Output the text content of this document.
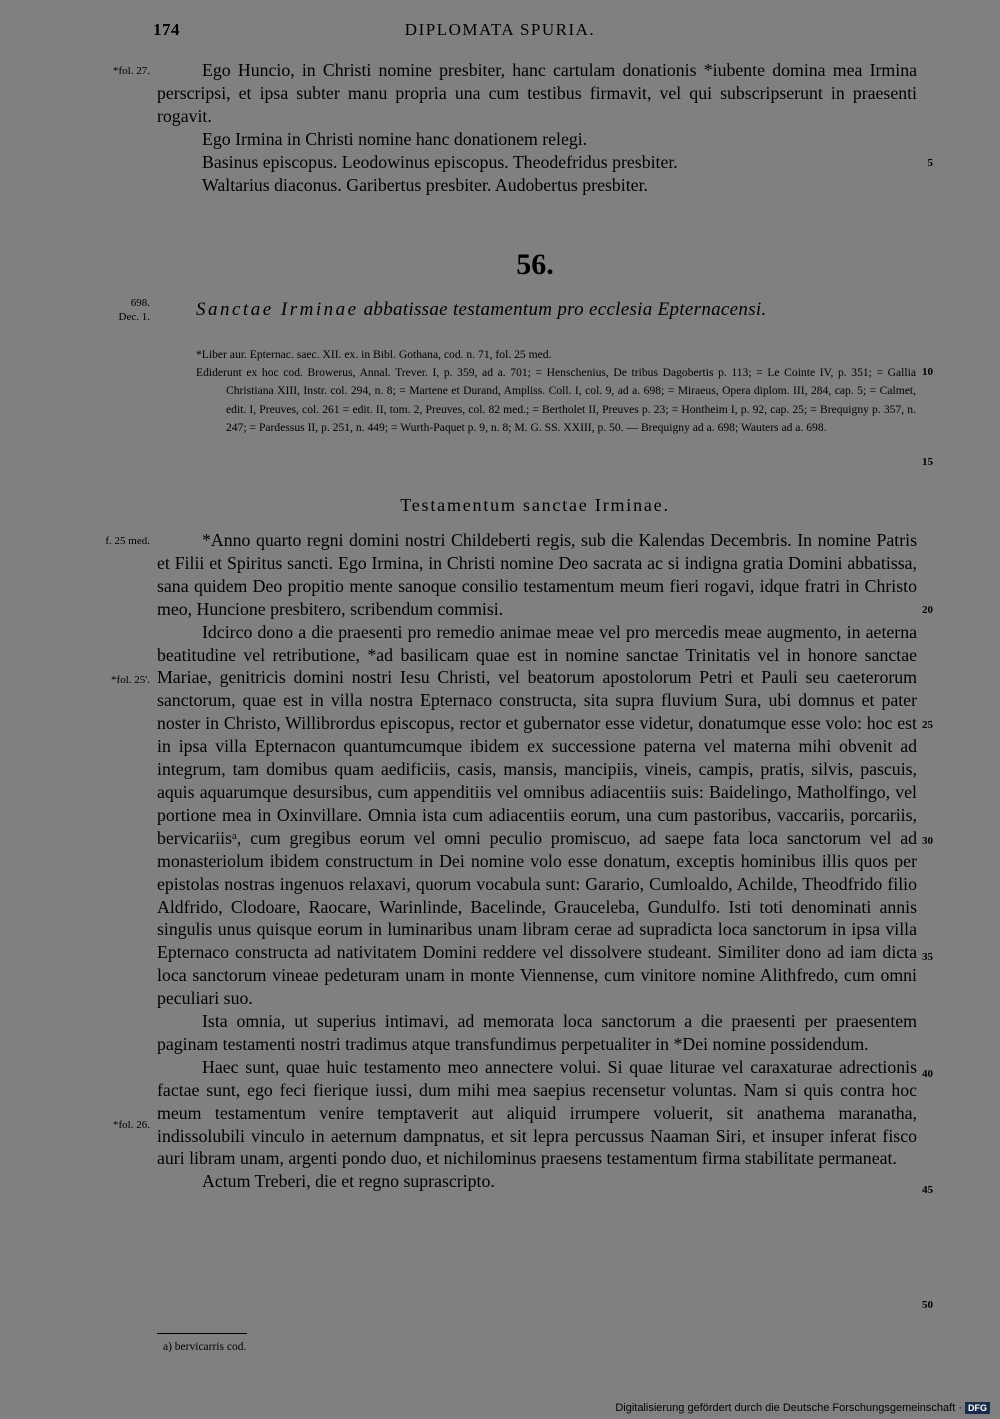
174	DIPLOMATA SPURIA.
*fol. 27.	Ego Huncio, in Christi nomine presbiter, hanc cartulam donationis *iubente domina mea Irmina perscripsi, et ipsa subter manu propria una cum testibus firmavit, vel qui subscripserunt in praesenti rogavit.

Ego Irmina in Christi nomine hanc donationem relegi.

Basinus episcopus. Leodowinus episcopus. Theodefridus presbiter.

Waltarius diaconus. Garibertus presbiter. Audobertus presbiter.

5
56.
698.
Dec. 1. Sanctae Irminae abbatissae testamentum pro ecclesia Epternacensi.

*Liber aur. Epternac. saec. XII. ex. in Bibl. Gothana, cod. n. 71, fol. 25 med.

Ediderunt ex hoc cod. Browerus, Annal. Trever. I, p. 359, ad a. 701; = Henschenius, De tribus Dagobertis p. 113; = Le Cointe IV, p. 351; = Gallia Christiana XIII, Instr. col. 294, n. 8; = Martene et Durand, Ampliss. Coll. I, col. 9, ad a. 698; = Miraeus, Opera diplom. III, 284, cap. 5; = Calmet, edit. I, Preuves, col. 261 = edit. II, tom. 2, Preuves, col. 82 med.; = Bertholet II, Preuves p. 23; = Hontheim I, p. 92, cap. 25; = Brequigny p. 357, n. 247; = Pardessus II, p. 251, n. 449; = Wurth-Paquet p. 9, n. 8; M. G. SS. XXIII, p. 50. — Brequigny ad a. 698; Wauters ad a. 698.

10
15
Testamentum sanctae Irminae.
f. 25 med.
*fol. 25'.
*fol. 26.

*Anno quarto regni domini nostri Childeberti regis, sub die Kalendas Decembris. In nomine Patris et Filii et Spiritus sancti. Ego Irmina, in Christi nomine Deo sacrata ac si indigna gratia Domini abbatissa, sana quidem Deo propitio mente sanoque consilio testamentum meum fieri rogavi, idque fratri in Christo meo, Huncione presbitero, scribendum commisi.

Idcirco dono a die praesenti pro remedio animae meae vel pro mercedis meae augmento, in aeterna beatitudine vel retributione, *ad basilicam quae est in nomine sanctae Trinitatis vel in honore sanctae Mariae, genitricis domini nostri Iesu Christi, vel beatorum apostolorum Petri et Pauli seu caeterorum sanctorum, quae est in villa nostra Epternaco constructa, sita supra fluvium Sura, ubi domnus et pater noster in Christo, Willibrordus episcopus, rector et gubernator esse videtur, donatumque esse volo: hoc est in ipsa villa Epternacon quantumcumque ibidem ex successione paterna vel materna mihi obvenit ad integrum, tam domibus quam aedificiis, casis, mansis, mancipiis, vineis, campis, pratis, silvis, pascuis, aquis aquarumque desursibus, cum appenditiis vel omnibus adiacentiis suis: Baidelingo, Matholfingo, vel portione mea in Oxinvillare. Omnia ista cum adiacentiis eorum, una cum pastoribus, vaccariis, porcariis, bervicariisᵃ, cum gregibus eorum vel omni peculio promiscuo, ad saepe fata loca sanctorum vel ad monasteriolum ibidem constructum in Dei nomine volo esse donatum, exceptis hominibus illis quos per epistolas nostras ingenuos relaxavi, quorum vocabula sunt: Garario, Cumloaldo, Achilde, Theodfrido filio Aldfrido, Clodoare, Raocare, Warinlinde, Bacelinde, Grauceleba, Gundulfo. Isti toti denominati annis singulis unus quisque eorum in luminaribus unam libram cerae ad supradicta loca sanctorum in ipsa villa Epternaco constructa ad nativitatem Domini reddere vel dissolvere studeant. Similiter dono ad iam dicta loca sanctorum vineae pedeturam unam in monte Viennense, cum vinitore nomine Alithfredo, cum omni peculiari suo.

Ista omnia, ut superius intimavi, ad memorata loca sanctorum a die praesenti per praesentem paginam testamenti nostri tradimus atque transfundimus perpetualiter in *Dei nomine possidendum.

Haec sunt, quae huic testamento meo annectere volui. Si quae liturae vel caraxaturae adrectionis factae sunt, ego feci fierique iussi, dum mihi mea saepius recensetur voluntas. Nam si quis contra hoc meum testamentum venire temptaverit aut aliquid irrumpere voluerit, sit anathema maranatha, indissolubili vinculo in aeternum dampnatus, et sit lepra percussus Naaman Siri, et insuper inferat fisco auri libram unam, argenti pondo duo, et nichilominus praesens testamentum firma stabilitate permaneat.

Actum Treberi, die et regno suprascripto.

20
25
30
35
40
45
50
a) bervicarris cod.
Digitalisierung gefördert durch die Deutsche Forschungsgemeinschaft · DFG
